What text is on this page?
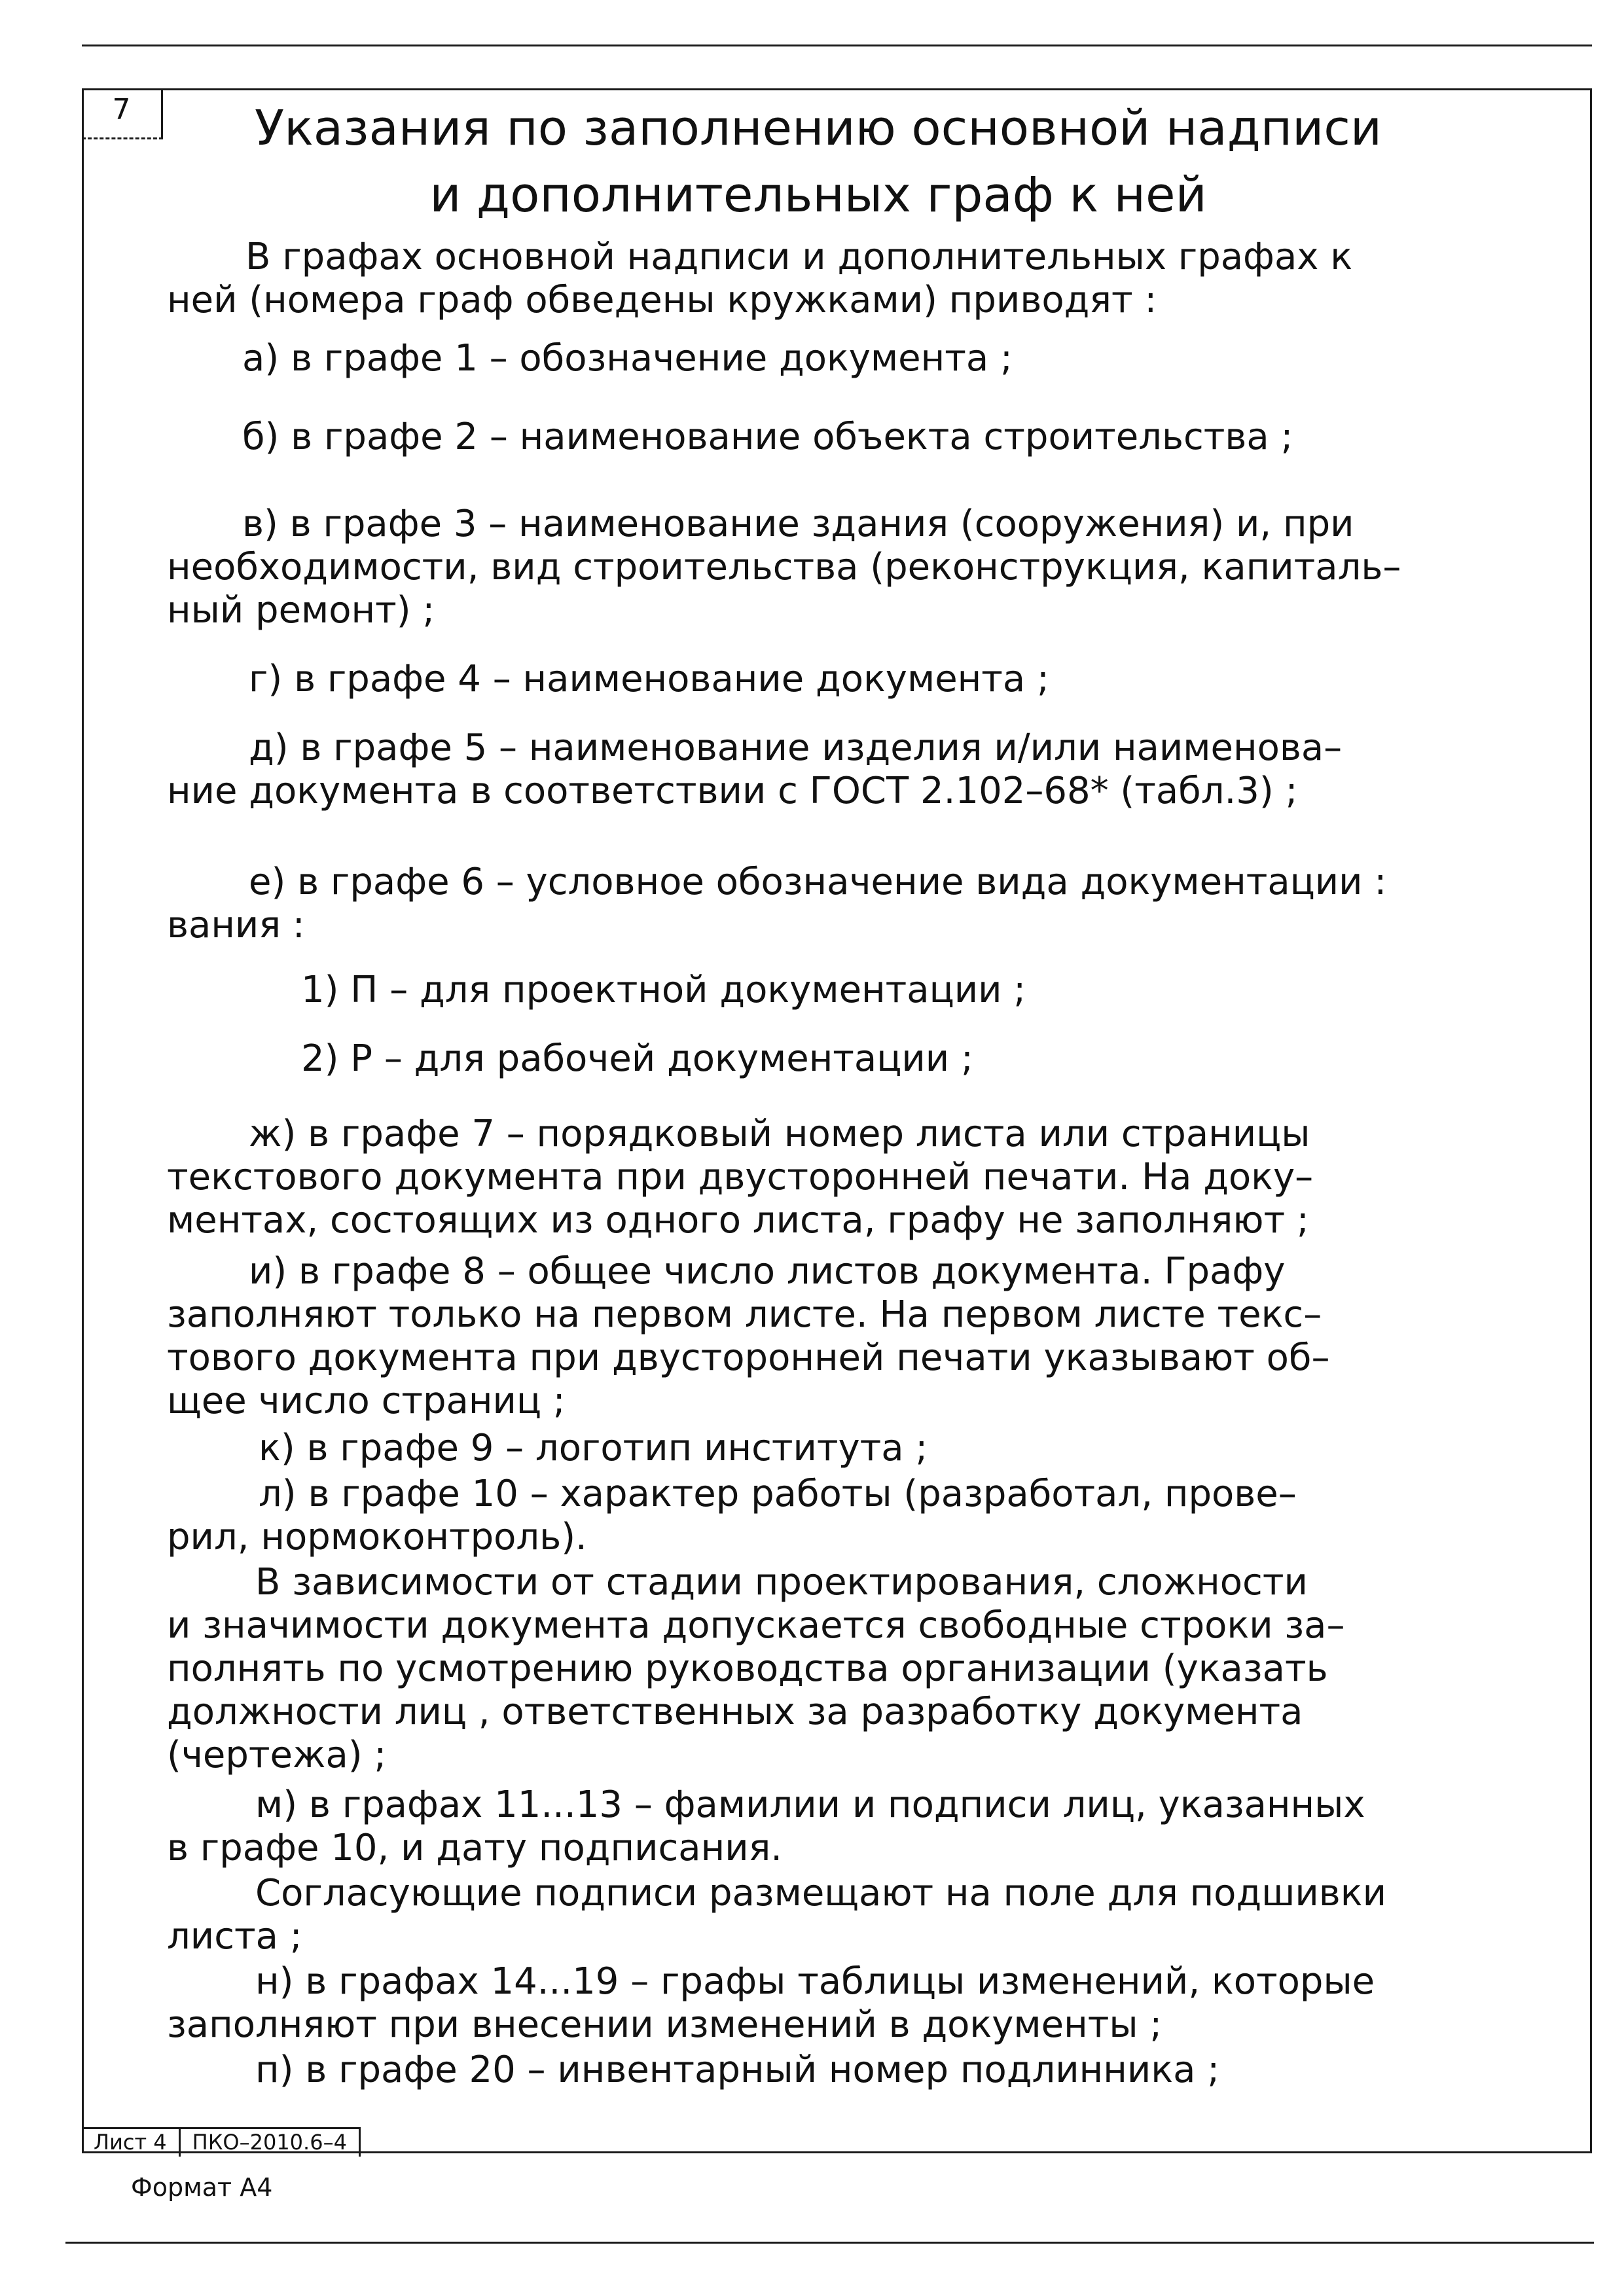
7	Указания по заполнению основной надписи
и дополнительных граф к ней
В графах основной надписи и дополнительных графах к
ней (номера граф обведены кружками) приводят :
а) в графе 1 – обозначение документа ;
б) в графе 2 – наименование объекта строительства ;
в) в графе 3 – наименование здания (сооружения) и, при
необходимости, вид строительства (реконструкция, капиталь–
ный ремонт) ;
г) в графе 4 – наименование документа ;
д) в графе 5 – наименование изделия и/или наименова–
ние документа в соответствии с ГОСТ 2.102–68* (табл.3) ;
е) в графе 6 – условное обозначение вида документации :
вания :
1) П – для проектной документации ;
2) Р – для рабочей документации ;
ж) в графе 7 – порядковый номер листа или страницы
текстового документа при двусторонней печати. На доку–
ментах, состоящих из одного листа, графу не заполняют ;
и) в графе 8 – общее число листов документа. Графу
заполняют только на первом листе. На первом листе текс–
тового документа при двусторонней печати указывают об–
щее число страниц ;
к) в графе 9 – логотип института ;
л) в графе 10 – характер работы (разработал, прове–
рил, нормоконтроль).
В зависимости от стадии проектирования, сложности
и значимости документа допускается свободные строки за–
полнять по усмотрению руководства организации (указать
должности лиц , ответственных за разработку документа
(чертежа) ;
м) в графах 11...13 – фамилии и подписи лиц, указанных
в графе 10, и дату подписания.
Согласующие подписи размещают на поле для подшивки
листа ;
н) в графах 14...19 – графы таблицы изменений, которые
заполняют при внесении изменений в документы ;
п) в графе 20 – инвентарный номер подлинника ;
Лист 4	ПКО–2010.6–4
Формат А4
